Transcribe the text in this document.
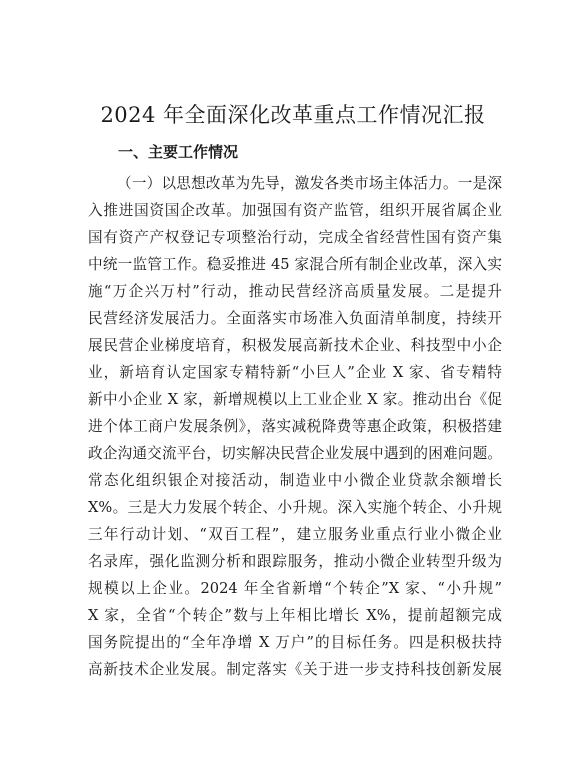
2024 年全面深化改革重点工作情况汇报
一、主要工作情况
（一）以思想改革为先导，激发各类市场主体活力。一是深
入推进国资国企改革。加强国有资产监管，组织开展省属企业
国有资产产权登记专项整治行动，完成全省经营性国有资产集
中统一监管工作。稳妥推进 45 家混合所有制企业改革，深入实
施“万企兴万村”行动，推动民营经济高质量发展。二是提升
民营经济发展活力。全面落实市场准入负面清单制度，持续开
展民营企业梯度培育，积极发展高新技术企业、科技型中小企
业，新培育认定国家专精特新“小巨人”企业 X 家、省专精特
新中小企业 X 家，新增规模以上工业企业 X 家。推动出台《促
进个体工商户发展条例》，落实减税降费等惠企政策，积极搭建
政企沟通交流平台，切实解决民营企业发展中遇到的困难问题。
常态化组织银企对接活动，制造业中小微企业贷款余额增长
X%。三是大力发展个转企、小升规。深入实施个转企、小升规
三年行动计划、“双百工程”，建立服务业重点行业小微企业
名录库，强化监测分析和跟踪服务，推动小微企业转型升级为
规模以上企业。2024 年全省新增“个转企”X 家、“小升规”
X 家，全省“个转企”数与上年相比增长 X%，提前超额完成
国务院提出的“全年净增 X 万户”的目标任务。四是积极扶持
高新技术企业发展。制定落实《关于进一步支持科技创新发展
